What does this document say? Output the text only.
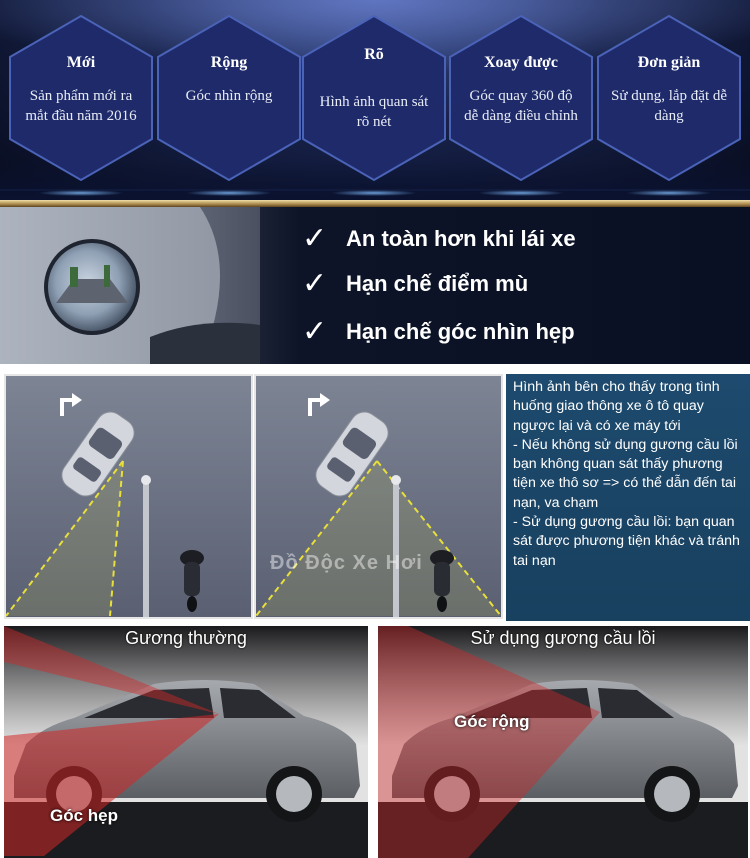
Mới
Sản phẩm mới ra mắt đầu năm 2016
Rộng
Góc nhìn rộng
Rõ
Hình ảnh quan sát rõ nét
Xoay được
Góc quay 360 độ dễ dàng điều chỉnh
Đơn giản
Sử dụng, lắp đặt dễ dàng
✓ An toàn hơn khi lái xe
✓ Hạn chế điểm mù
✓ Hạn chế góc nhìn hẹp
Đồ Độc Xe Hơi

Hình ảnh bên cho thấy trong tình huống giao thông xe ô tô quay ngược lại và có xe máy tới
- Nếu không sử dụng gương cầu lồi bạn không quan sát thấy phương tiện xe thô sơ => có thể dẫn đến tai nạn, va chạm
- Sử dụng gương cầu lồi: bạn quan sát được phương tiện khác và tránh tai nạn

Gương thường
Góc hẹp
Sử dụng gương cầu lồi
Góc rộng
